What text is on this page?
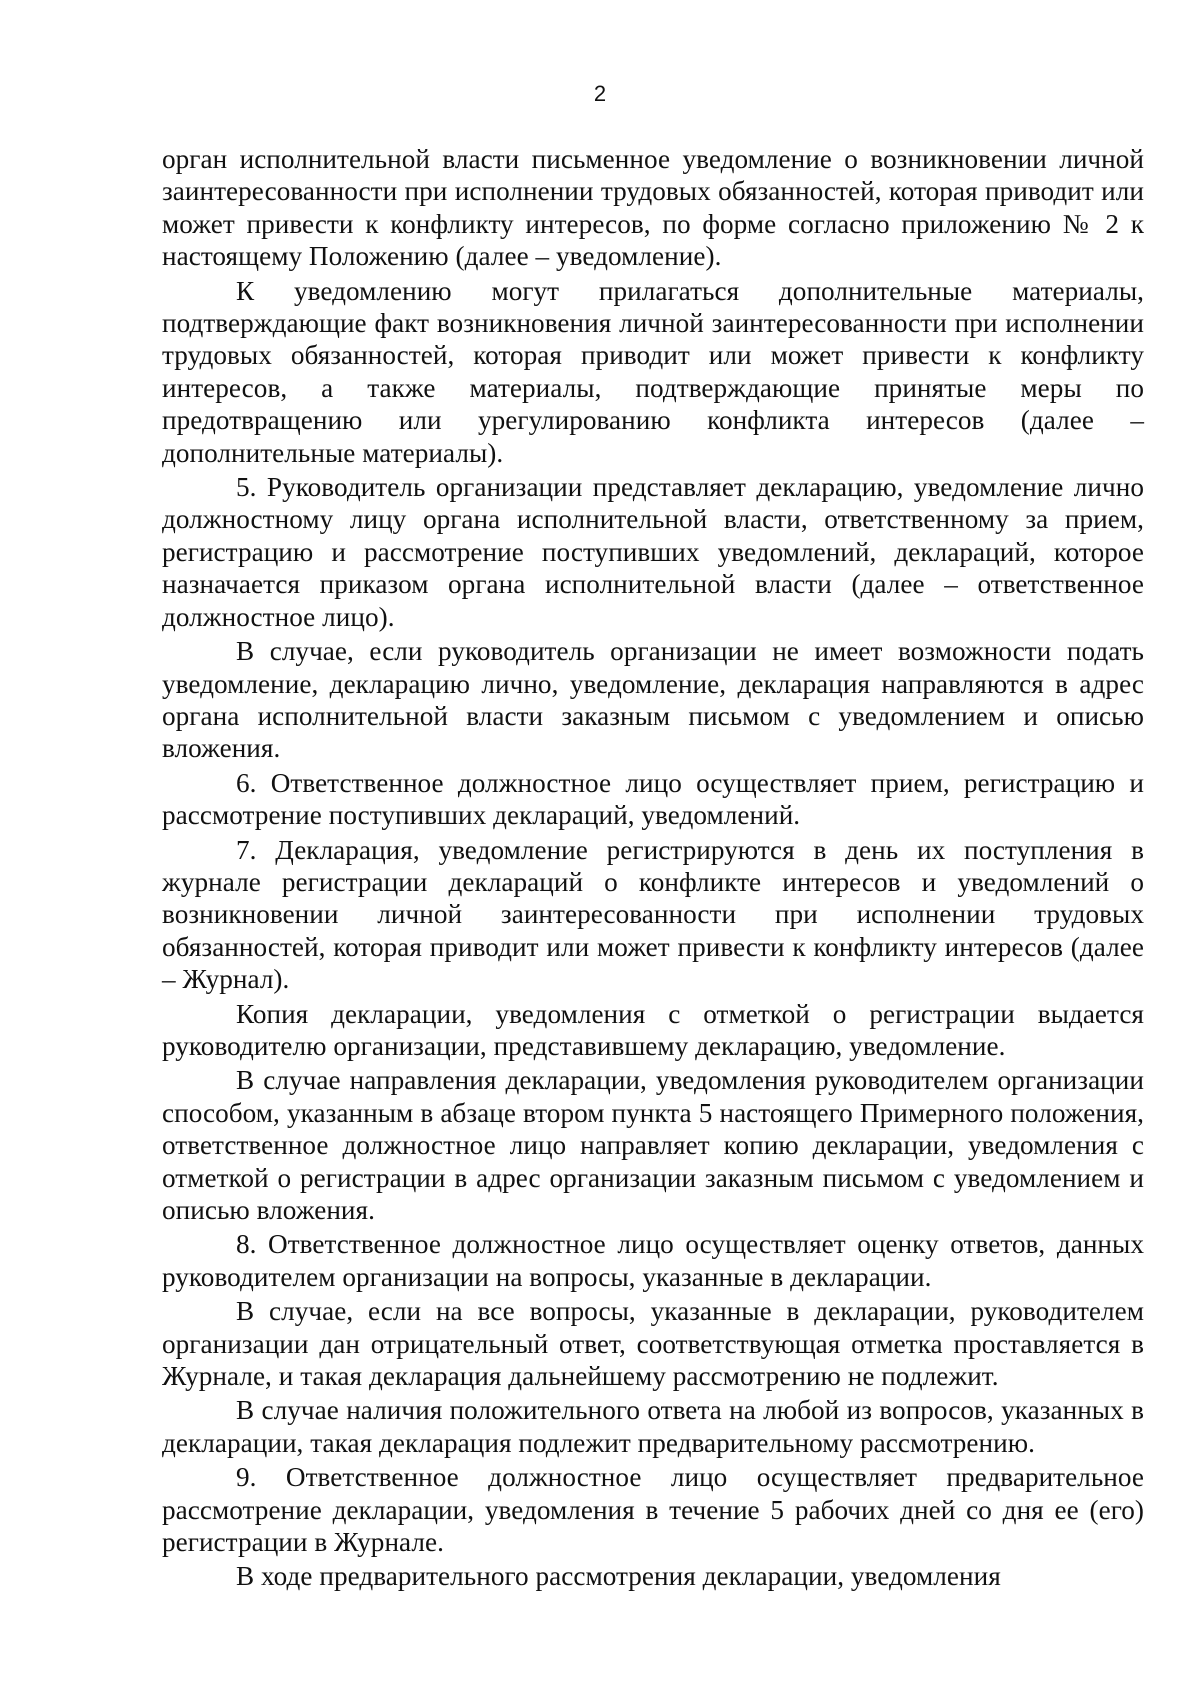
2

орган исполнительной власти письменное уведомление о возникновении личной заинтересованности при исполнении трудовых обязанностей, которая приводит или может привести к конфликту интересов, по форме согласно приложению № 2 к настоящему Положению (далее – уведомление).

К уведомлению могут прилагаться дополнительные материалы, подтверждающие факт возникновения личной заинтересованности при исполнении трудовых обязанностей, которая приводит или может привести к конфликту интересов, а также материалы, подтверждающие принятые меры по предотвращению или урегулированию конфликта интересов (далее – дополнительные материалы).

5. Руководитель организации представляет декларацию, уведомление лично должностному лицу органа исполнительной власти, ответственному за прием, регистрацию и рассмотрение поступивших уведомлений, деклараций, которое назначается приказом органа исполнительной власти (далее – ответственное должностное лицо).

В случае, если руководитель организации не имеет возможности подать уведомление, декларацию лично, уведомление, декларация направляются в адрес органа исполнительной власти заказным письмом с уведомлением и описью вложения.

6. Ответственное должностное лицо осуществляет прием, регистрацию и рассмотрение поступивших деклараций, уведомлений.

7. Декларация, уведомление регистрируются в день их поступления в журнале регистрации деклараций о конфликте интересов и уведомлений о возникновении личной заинтересованности при исполнении трудовых обязанностей, которая приводит или может привести к конфликту интересов (далее – Журнал).

Копия декларации, уведомления с отметкой о регистрации выдается руководителю организации, представившему декларацию, уведомление.

В случае направления декларации, уведомления руководителем организации способом, указанным в абзаце втором пункта 5 настоящего Примерного положения, ответственное должностное лицо направляет копию декларации, уведомления с отметкой о регистрации в адрес организации заказным письмом с уведомлением и описью вложения.

8. Ответственное должностное лицо осуществляет оценку ответов, данных руководителем организации на вопросы, указанные в декларации.

В случае, если на все вопросы, указанные в декларации, руководителем организации дан отрицательный ответ, соответствующая отметка проставляется в Журнале, и такая декларация дальнейшему рассмотрению не подлежит.

В случае наличия положительного ответа на любой из вопросов, указанных в декларации, такая декларация подлежит предварительному рассмотрению.

9. Ответственное должностное лицо осуществляет предварительное рассмотрение декларации, уведомления в течение 5 рабочих дней со дня ее (его) регистрации в Журнале.

В ходе предварительного рассмотрения декларации, уведомления
